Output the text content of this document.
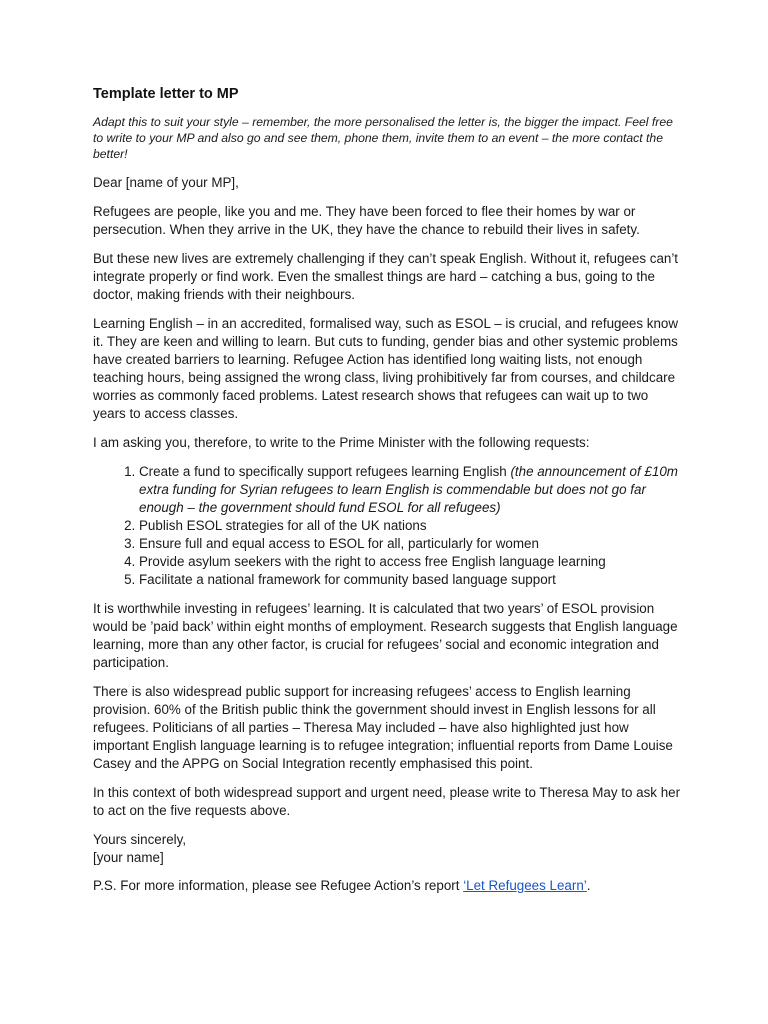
Template letter to MP
Adapt this to suit your style – remember, the more personalised the letter is, the bigger the impact. Feel free to write to your MP and also go and see them, phone them, invite them to an event – the more contact the better!

Dear [name of your MP],

Refugees are people, like you and me. They have been forced to flee their homes by war or persecution. When they arrive in the UK, they have the chance to rebuild their lives in safety.

But these new lives are extremely challenging if they can’t speak English. Without it, refugees can’t integrate properly or find work. Even the smallest things are hard – catching a bus, going to the doctor, making friends with their neighbours.

Learning English – in an accredited, formalised way, such as ESOL – is crucial, and refugees know it. They are keen and willing to learn. But cuts to funding, gender bias and other systemic problems have created barriers to learning. Refugee Action has identified long waiting lists, not enough teaching hours, being assigned the wrong class, living prohibitively far from courses, and childcare worries as commonly faced problems. Latest research shows that refugees can wait up to two years to access classes.

I am asking you, therefore, to write to the Prime Minister with the following requests:

1. Create a fund to specifically support refugees learning English (the announcement of £10m extra funding for Syrian refugees to learn English is commendable but does not go far enough – the government should fund ESOL for all refugees)
2. Publish ESOL strategies for all of the UK nations
3. Ensure full and equal access to ESOL for all, particularly for women
4. Provide asylum seekers with the right to access free English language learning
5. Facilitate a national framework for community based language support

It is worthwhile investing in refugees’ learning. It is calculated that two years’ of ESOL provision would be ’paid back’ within eight months of employment. Research suggests that English language learning, more than any other factor, is crucial for refugees’ social and economic integration and participation.

There is also widespread public support for increasing refugees’ access to English learning provision. 60% of the British public think the government should invest in English lessons for all refugees. Politicians of all parties – Theresa May included – have also highlighted just how important English language learning is to refugee integration; influential reports from Dame Louise Casey and the APPG on Social Integration recently emphasised this point.

In this context of both widespread support and urgent need, please write to Theresa May to ask her to act on the five requests above.

Yours sincerely,
[your name]

P.S. For more information, please see Refugee Action’s report ‘Let Refugees Learn’.
